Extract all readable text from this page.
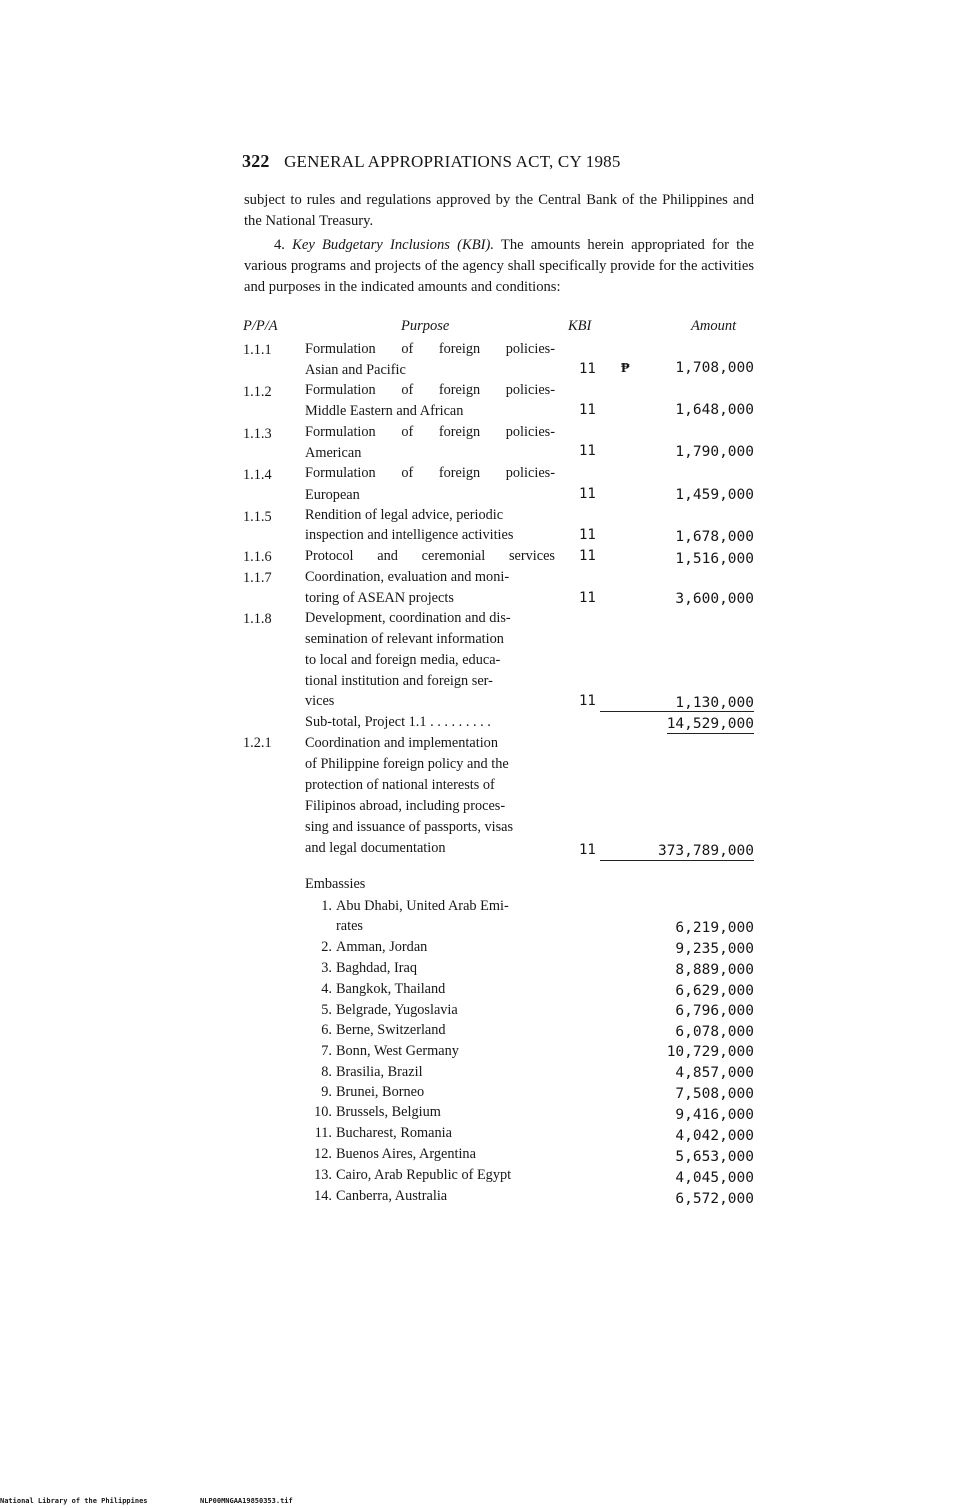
322 GENERAL APPROPRIATIONS ACT, CY 1985
subject to rules and regulations approved by the Central Bank of the Philippines and the National Treasury.
4. Key Budgetary Inclusions (KBI). The amounts herein appropriated for the various programs and projects of the agency shall specifically provide for the activities and purposes in the indicated amounts and conditions:
P/P/A	Purpose	KBI	Amount
1.1.1	Formulation of foreign policies-
Asian and Pacific	11	₱	1,708,000
1.1.2	Formulation of foreign policies-
Middle Eastern and African	11	1,648,000
1.1.3	Formulation of foreign policies-
American	11	1,790,000
1.1.4	Formulation of foreign policies-
European	11	1,459,000
1.1.5	Rendition of legal advice, periodic
inspection and intelligence activities	11	1,678,000
1.1.6	Protocol and ceremonial services 11	1,516,000
1.1.7	Coordination, evaluation and moni-
toring of ASEAN projects	11	3,600,000
1.1.8	Development, coordination and dis-
semination of relevant information
to local and foreign media, educa-
tional institution and foreign ser-
vices	11	1,130,000
Sub-total, Project 1.1 . . . . . . . . .	14,529,000
1.2.1	Coordination and implementation
of Philippine foreign policy and the
protection of national interests of
Filipinos abroad, including proces-
sing and issuance of passports, visas
and legal documentation	11	373,789,000
Embassies
1. Abu Dhabi, United Arab Emi-
rates	6,219,000
2. Amman, Jordan	9,235,000
3. Baghdad, Iraq	8,889,000
4. Bangkok, Thailand	6,629,000
5. Belgrade, Yugoslavia	6,796,000
6. Berne, Switzerland	6,078,000
7. Bonn, West Germany	10,729,000
8. Brasilia, Brazil	4,857,000
9. Brunei, Borneo	7,508,000
10. Brussels, Belgium	9,416,000
11. Bucharest, Romania	4,042,000
12. Buenos Aires, Argentina	5,653,000
13. Cairo, Arab Republic of Egypt	4,045,000
14. Canberra, Australia	6,572,000
National Library of the Philippines	NLP00MNGAA19850353.tif
